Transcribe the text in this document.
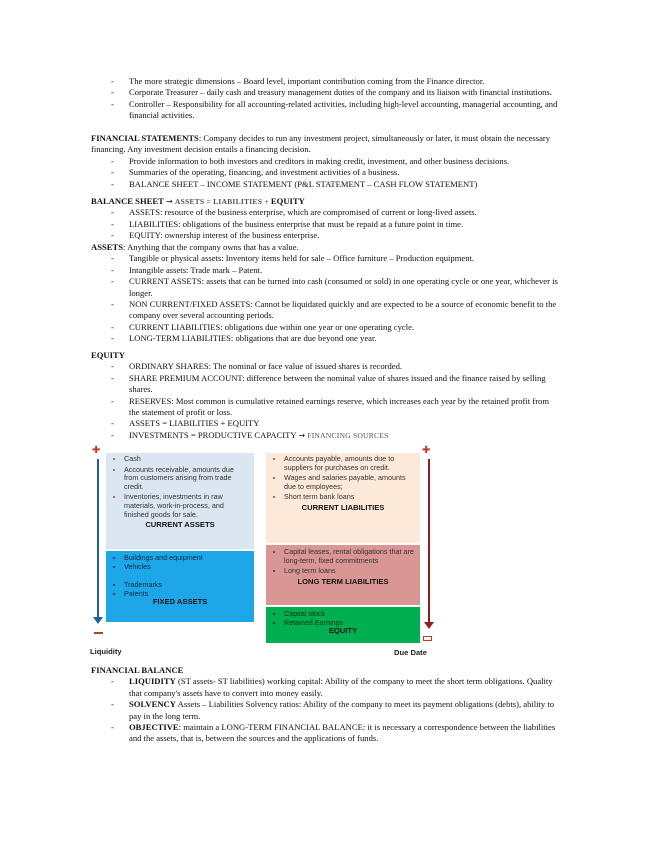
- The more strategic dimensions – Board level, important contribution coming from the Finance director.
- Corporate Treasurer – daily cash and treasury management duties of the company and its liaison with financial institutions.
- Controller – Responsibility for all accounting-related activities, including high-level accounting, managerial accounting, and financial activities.
FINANCIAL STATEMENTS: Company decides to run any investment project, simultaneously or later, it must obtain the necessary financing. Any investment decision entails a financing decision.
- Provide information to both investors and creditors in making credit, investment, and other business decisions.
- Summaries of the operating, financing, and investment activities of a business.
- BALANCE SHEET – INCOME STATEMENT (P&L STATEMENT – CASH FLOW STATEMENT)
BALANCE SHEET → ASSETS = LIABILITIES + EQUITY
- ASSETS: resource of the business enterprise, which are compromised of current or long-lived assets.
- LIABILITIES: obligations of the business enterprise that must be repaid at a future point in time.
- EQUITY: ownership interest of the business enterprise.
ASSETS: Anything that the company owns that has a value.
- Tangible or physical assets: Inventory items held for sale – Office furniture – Production equipment.
- Intangible assets: Trade mark – Patent.
- CURRENT ASSETS: assets that can be turned into cash (consumed or sold) in one operating cycle or one year, whichever is longer.
- NON CURRENT/FIXED ASSETS: Cannot be liquidated quickly and are expected to be a source of economic benefit to the company over several accounting periods.
- CURRENT LIABILITIES: obligations due within one year or one operating cycle.
- LONG-TERM LIABILITIES: obligations that are due beyond one year.
EQUITY
- ORDINARY SHARES: The nominal or face value of issued shares is recorded.
- SHARE PREMIUM ACCOUNT: difference between the nominal value of shares issued and the finance raised by selling shares.
- RESERVES: Most common is cumulative retained earnings reserve, which increases each year by the retained profit from the statement of profit or loss.
- ASSETS = LIABILITIES + EQUITY
- INVESTMENTS = PRODUCTIVE CAPACITY → FINANCING SOURCES
✚
Liquidity
• Cash
• Accounts receivable, amounts due from customers arising from trade credit.
• Inventories, investments in raw materials, work-in-process, and finished goods for sale.
CURRENT ASSETS
• Buildings and equipment
• Vehicles
• Trademarks
• Patents
FIXED ASSETS
• Accounts payable, amounts due to suppliers for purchases on credit.
• Wages and salaries payable, amounts due to employees;
• Short term bank loans
CURRENT LIABILITIES
• Capital leases, rental obligations that are long-term, fixed commitments
• Long term loans
LONG TERM LIABILITIES
• Capital stock
• Retained Earnings
EQUITY
✚
Due Date
FINANCIAL BALANCE
- LIQUIDITY (ST assets- ST liabilities) working capital: Ability of the company to meet the short term obligations. Quality that company's assets have to convert into money easily.
- SOLVENCY Assets – Liabilities Solvency ratios: Ability of the company to meet its payment obligations (debts), ability to pay in the long term.
- OBJECTIVE: maintain a LONG-TERM FINANCIAL BALANCE: it is necessary a correspondence between the liabilities and the assets, that is, between the sources and the applications of funds.
